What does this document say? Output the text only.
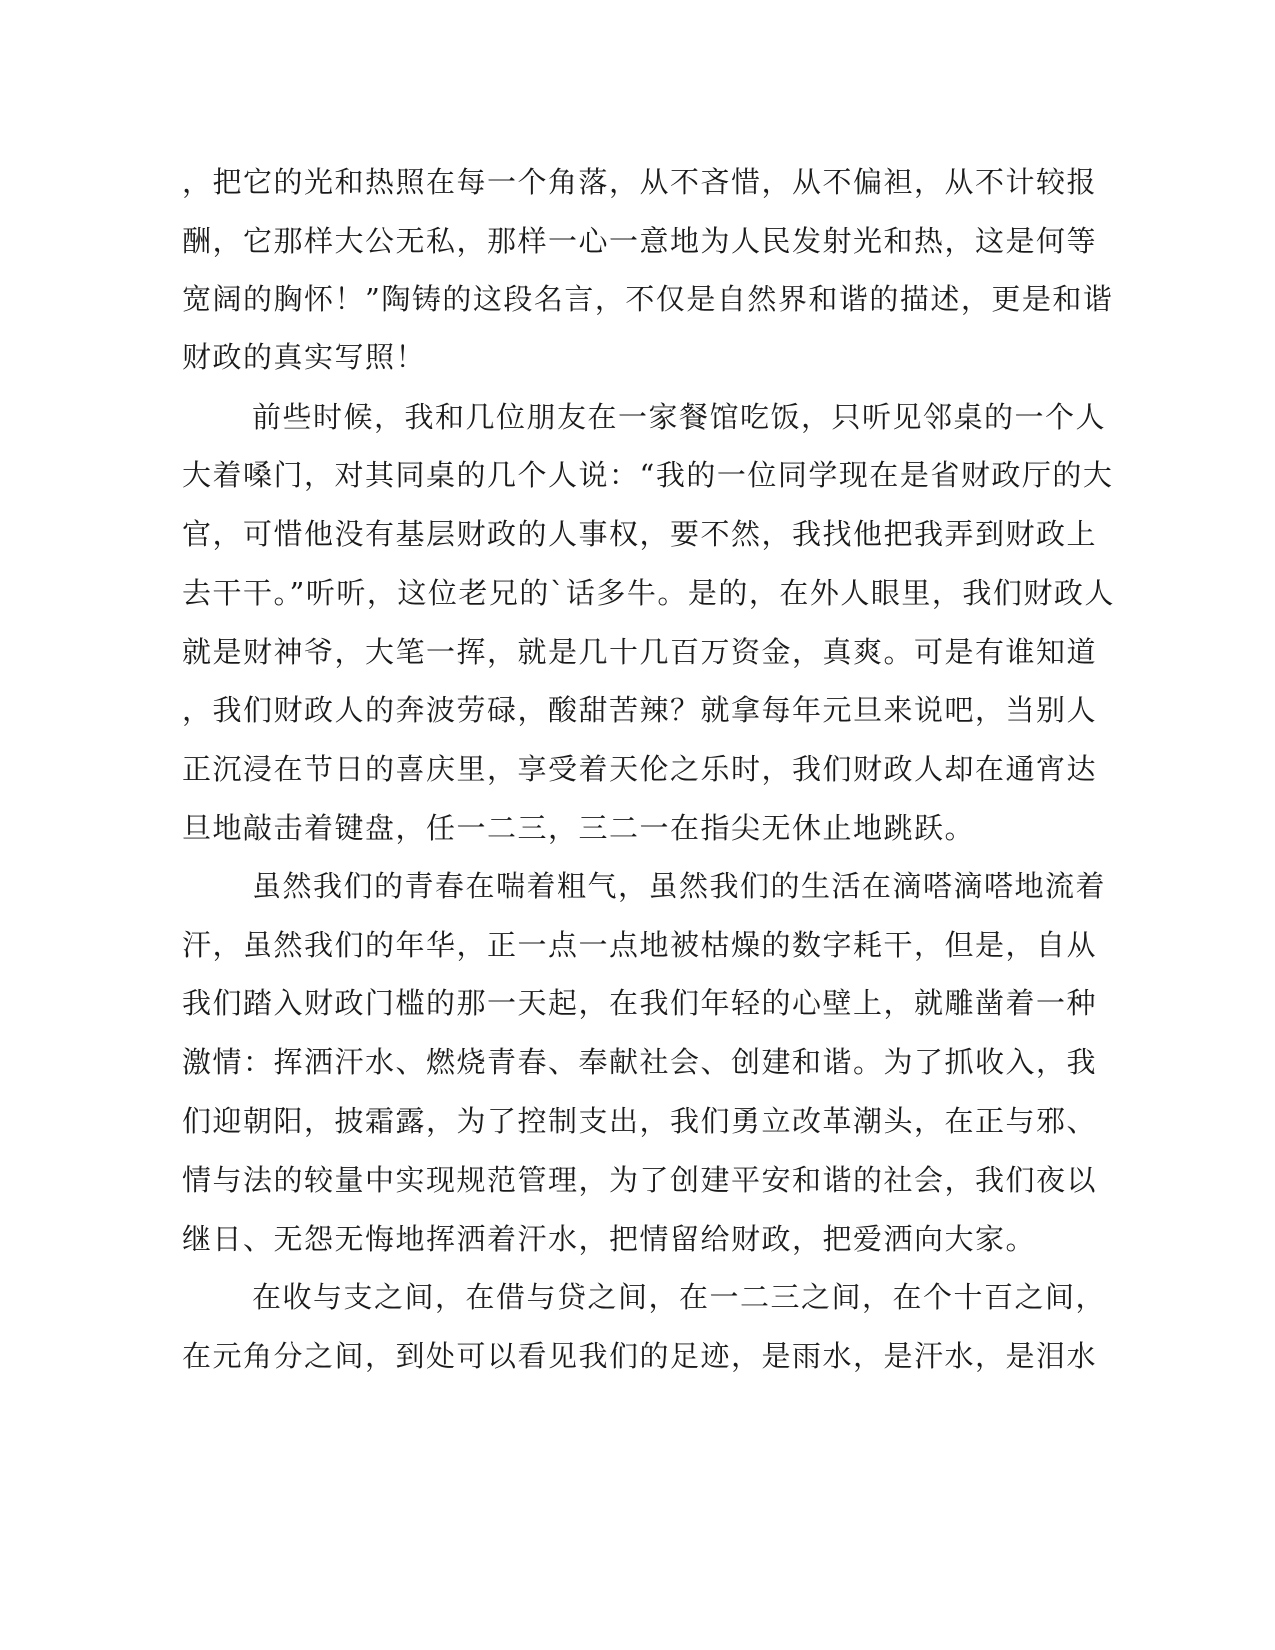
，把它的光和热照在每一个角落，从不吝惜，从不偏袒，从不计较报
酬，它那样大公无私，那样一心一意地为人民发射光和热，这是何等
宽阔的胸怀！”陶铸的这段名言，不仅是自然界和谐的描述，更是和谐
财政的真实写照！
前些时候，我和几位朋友在一家餐馆吃饭，只听见邻桌的一个人
大着嗓门，对其同桌的几个人说：“我的一位同学现在是省财政厅的大
官，可惜他没有基层财政的人事权，要不然，我找他把我弄到财政上
去干干。”听听，这位老兄的`话多牛。是的，在外人眼里，我们财政人
就是财神爷，大笔一挥，就是几十几百万资金，真爽。可是有谁知道
，我们财政人的奔波劳碌，酸甜苦辣？就拿每年元旦来说吧，当别人
正沉浸在节日的喜庆里，享受着天伦之乐时，我们财政人却在通宵达
旦地敲击着键盘，任一二三，三二一在指尖无休止地跳跃。
虽然我们的青春在喘着粗气，虽然我们的生活在滴嗒滴嗒地流着
汗，虽然我们的年华，正一点一点地被枯燥的数字耗干，但是，自从
我们踏入财政门槛的那一天起，在我们年轻的心壁上，就雕凿着一种
激情：挥洒汗水、燃烧青春、奉献社会、创建和谐。为了抓收入，我
们迎朝阳，披霜露，为了控制支出，我们勇立改革潮头，在正与邪、
情与法的较量中实现规范管理，为了创建平安和谐的社会，我们夜以
继日、无怨无悔地挥洒着汗水，把情留给财政，把爱洒向大家。
在收与支之间，在借与贷之间，在一二三之间，在个十百之间，
在元角分之间，到处可以看见我们的足迹，是雨水，是汗水，是泪水
